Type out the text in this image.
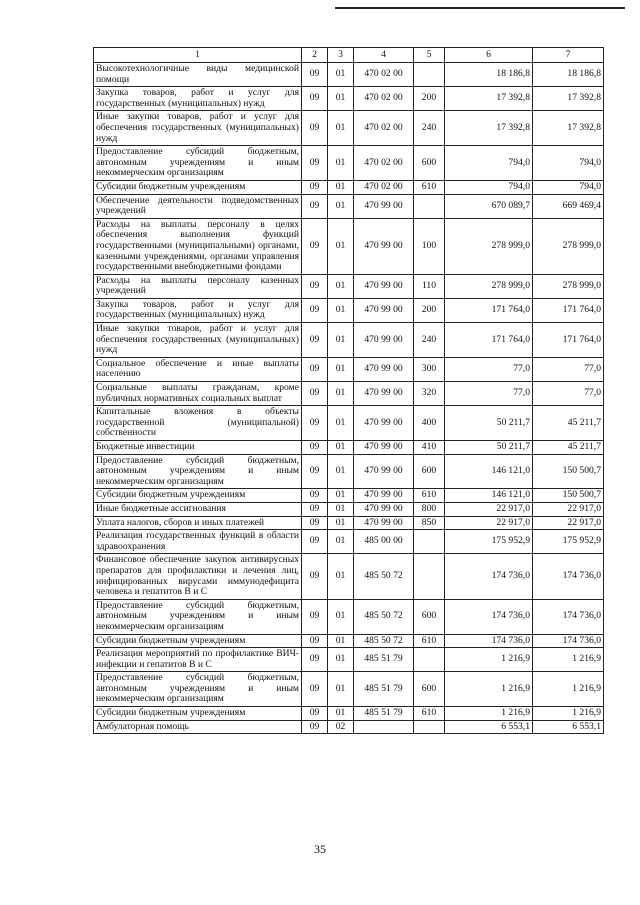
1	2	3	4	5	6	7
Высокотехнологичные виды медицинской помощи	09	01	470 02 00		18 186,8	18 186,8
Закупка товаров, работ и услуг для государственных (муниципальных) нужд	09	01	470 02 00	200	17 392,8	17 392,8
Иные закупки товаров, работ и услуг для обеспечения государственных (муниципальных) нужд	09	01	470 02 00	240	17 392,8	17 392,8
Предоставление субсидий бюджетным, автономным учреждениям и иным некоммерческим организациям	09	01	470 02 00	600	794,0	794,0
Субсидии бюджетным учреждениям	09	01	470 02 00	610	794,0	794,0
Обеспечение деятельности подведомственных учреждений	09	01	470 99 00		670 089,7	669 469,4
Расходы на выплаты персоналу в целях обеспечения выполнения функций государственными (муниципальными) органами, казенными учреждениями, органами управления государственными внебюджетными фондами	09	01	470 99 00	100	278 999,0	278 999,0
Расходы на выплаты персоналу казенных учреждений	09	01	470 99 00	110	278 999,0	278 999,0
Закупка товаров, работ и услуг для государственных (муниципальных) нужд	09	01	470 99 00	200	171 764,0	171 764,0
Иные закупки товаров, работ и услуг для обеспечения государственных (муниципальных) нужд	09	01	470 99 00	240	171 764,0	171 764,0
Социальное обеспечение и иные выплаты населению	09	01	470 99 00	300	77,0	77,0
Социальные выплаты гражданам, кроме публичных нормативных социальных выплат	09	01	470 99 00	320	77,0	77,0
Капитальные вложения в объекты государственной (муниципальной) собственности	09	01	470 99 00	400	50 211,7	45 211,7
Бюджетные инвестиции	09	01	470 99 00	410	50 211,7	45 211,7
Предоставление субсидий бюджетным, автономным учреждениям и иным некоммерческим организациям	09	01	470 99 00	600	146 121,0	150 500,7
Субсидии бюджетным учреждениям	09	01	470 99 00	610	146 121,0	150 500,7
Иные бюджетные ассигнования	09	01	470 99 00	800	22 917,0	22 917,0
Уплата налогов, сборов и иных платежей	09	01	470 99 00	850	22 917,0	22 917,0
Реализация государственных функций в области здравоохранения	09	01	485 00 00		175 952,9	175 952,9
Финансовое обеспечение закупок антивирусных препаратов для профилактики и лечения лиц, инфицированных вирусами иммунодефицита человека и гепатитов В и С	09	01	485 50 72		174 736,0	174 736,0
Предоставление субсидий бюджетным, автономным учреждениям и иным некоммерческим организациям	09	01	485 50 72	600	174 736,0	174 736,0
Субсидии бюджетным учреждениям	09	01	485 50 72	610	174 736,0	174 736,0
Реализация мероприятий по профилактике ВИЧ-инфекции и гепатитов В и С	09	01	485 51 79		1 216,9	1 216,9
Предоставление субсидий бюджетным, автономным учреждениям и иным некоммерческим организациям	09	01	485 51 79	600	1 216,9	1 216,9
Субсидии бюджетным учреждениям	09	01	485 51 79	610	1 216,9	1 216,9
Амбулаторная помощь	09	02			6 553,1	6 553,1
35
